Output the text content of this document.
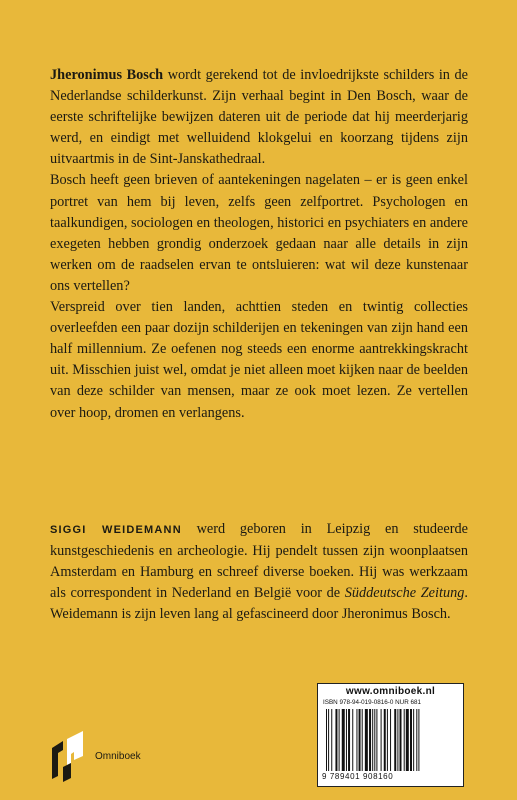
Jheronimus Bosch wordt gerekend tot de invloedrijkste schilders in de Nederlandse schilderkunst. Zijn verhaal begint in Den Bosch, waar de eerste schriftelijke bewijzen dateren uit de periode dat hij meerderjarig werd, en eindigt met welluidend klokgelui en koorzang tijdens zijn uitvaartmis in de Sint-Janskathedraal.

Bosch heeft geen brieven of aantekeningen nagelaten – er is geen enkel portret van hem bij leven, zelfs geen zelfportret. Psychologen en taalkundigen, sociologen en theologen, historici en psychiaters en andere exegeten hebben grondig onderzoek gedaan naar alle details in zijn werken om de raadselen ervan te ontsluieren: wat wil deze kunstenaar ons vertellen?

Verspreid over tien landen, achttien steden en twintig collecties overleefden een paar dozijn schilderijen en tekeningen van zijn hand een half millennium. Ze oefenen nog steeds een enorme aantrekkingskracht uit. Misschien juist wel, omdat je niet alleen moet kijken naar de beelden van deze schilder van mensen, maar ze ook moet lezen. Ze vertellen over hoop, dromen en verlangens.

SIGGI WEIDEMANN werd geboren in Leipzig en studeerde kunstgeschiedenis en archeologie. Hij pendelt tussen zijn woonplaatsen Amsterdam en Hamburg en schreef diverse boeken. Hij was werkzaam als correspondent in Nederland en België voor de Süddeutsche Zeitung. Weidemann is zijn leven lang al gefascineerd door Jheronimus Bosch.

Omniboek
www.omniboek.nl
ISBN 978-94-019-0816-0 NUR 681
9 789401 908160
